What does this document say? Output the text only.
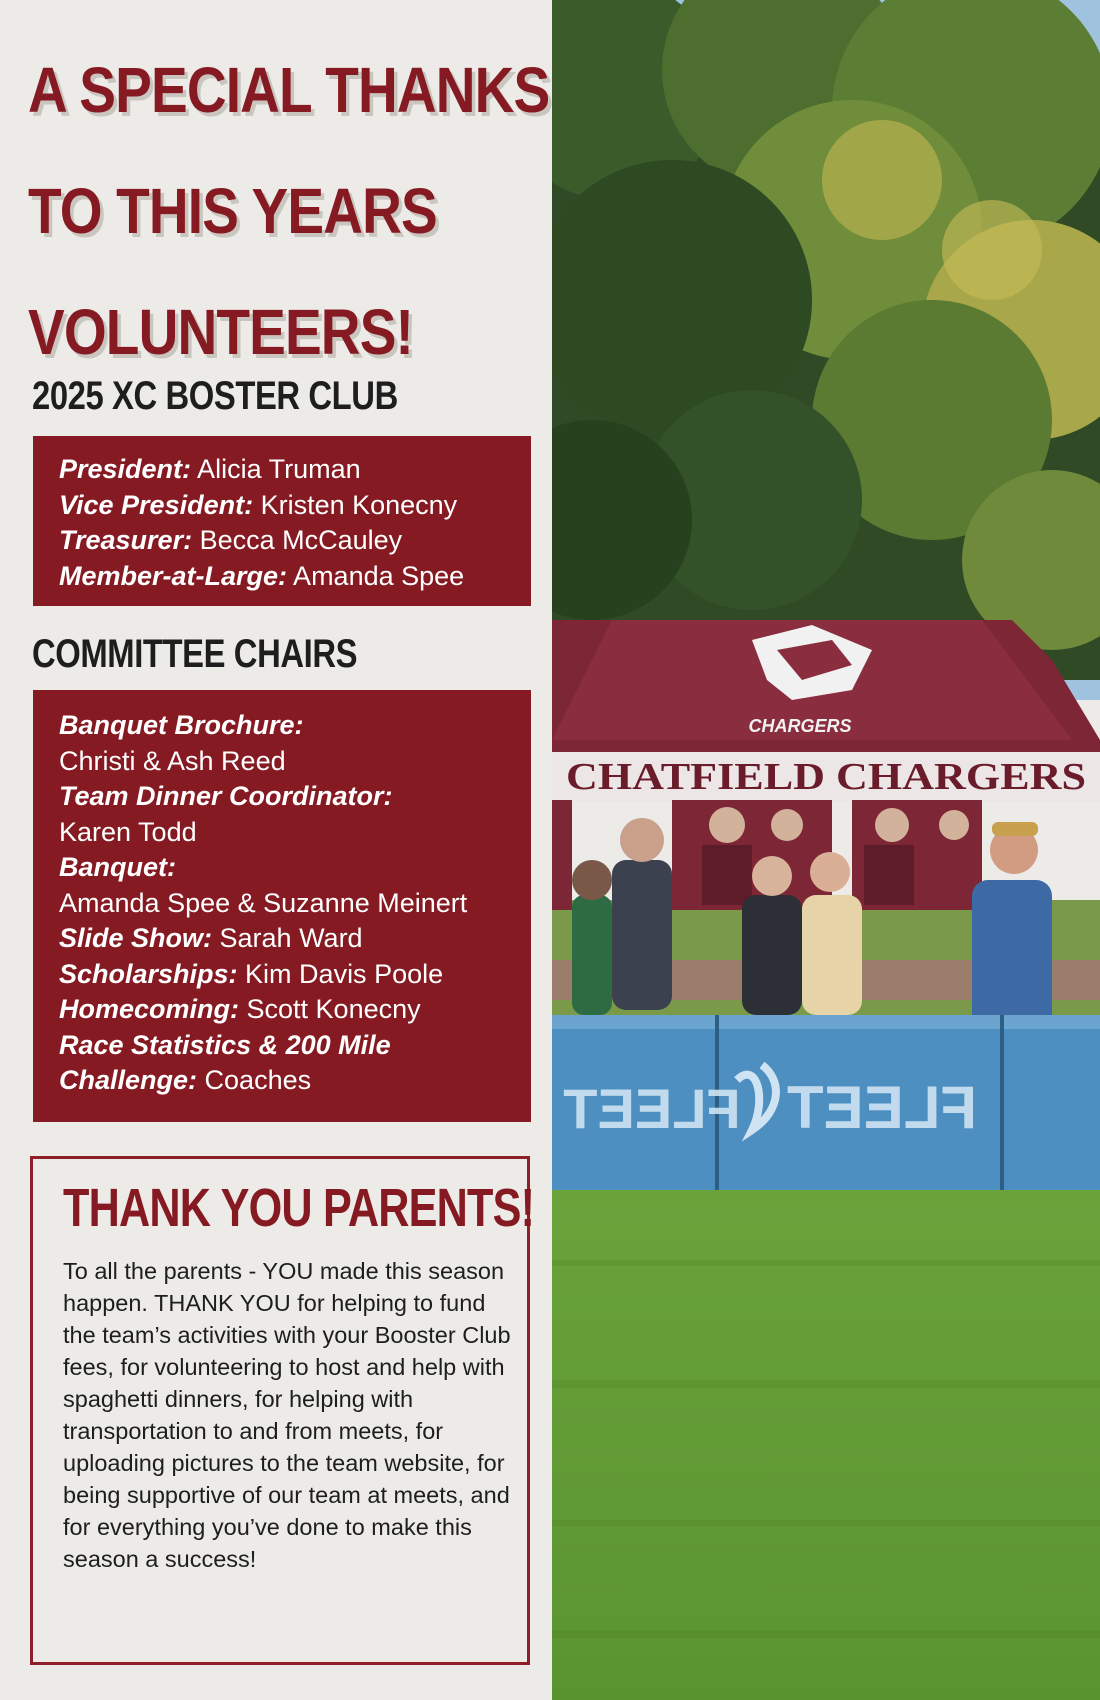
A SPECIAL THANKS
TO THIS YEARS
VOLUNTEERS!
2025 XC BOSTER CLUB
President: Alicia Truman
Vice President: Kristen Konecny
Treasurer: Becca McCauley
Member-at-Large: Amanda Spee
COMMITTEE CHAIRS
Banquet Brochure:
Christi & Ash Reed
Team Dinner Coordinator:
Karen Todd
Banquet:
Amanda Spee & Suzanne Meinert
Slide Show: Sarah Ward
Scholarships: Kim Davis Poole
Homecoming: Scott Konecny
Race Statistics & 200 Mile
Challenge: Coaches
THANK YOU PARENTS!

To all the parents - YOU made this season happen. THANK YOU for helping to fund the team’s activities with your Booster Club fees, for volunteering to host and help with spaghetti dinners, for helping with transportation to and from meets, for uploading pictures to the team website, for being supportive of our team at meets, and for everything you’ve done to make this season a success!

CHATFIELD CHARGERS
CHARGERS
FLEET FLEET
